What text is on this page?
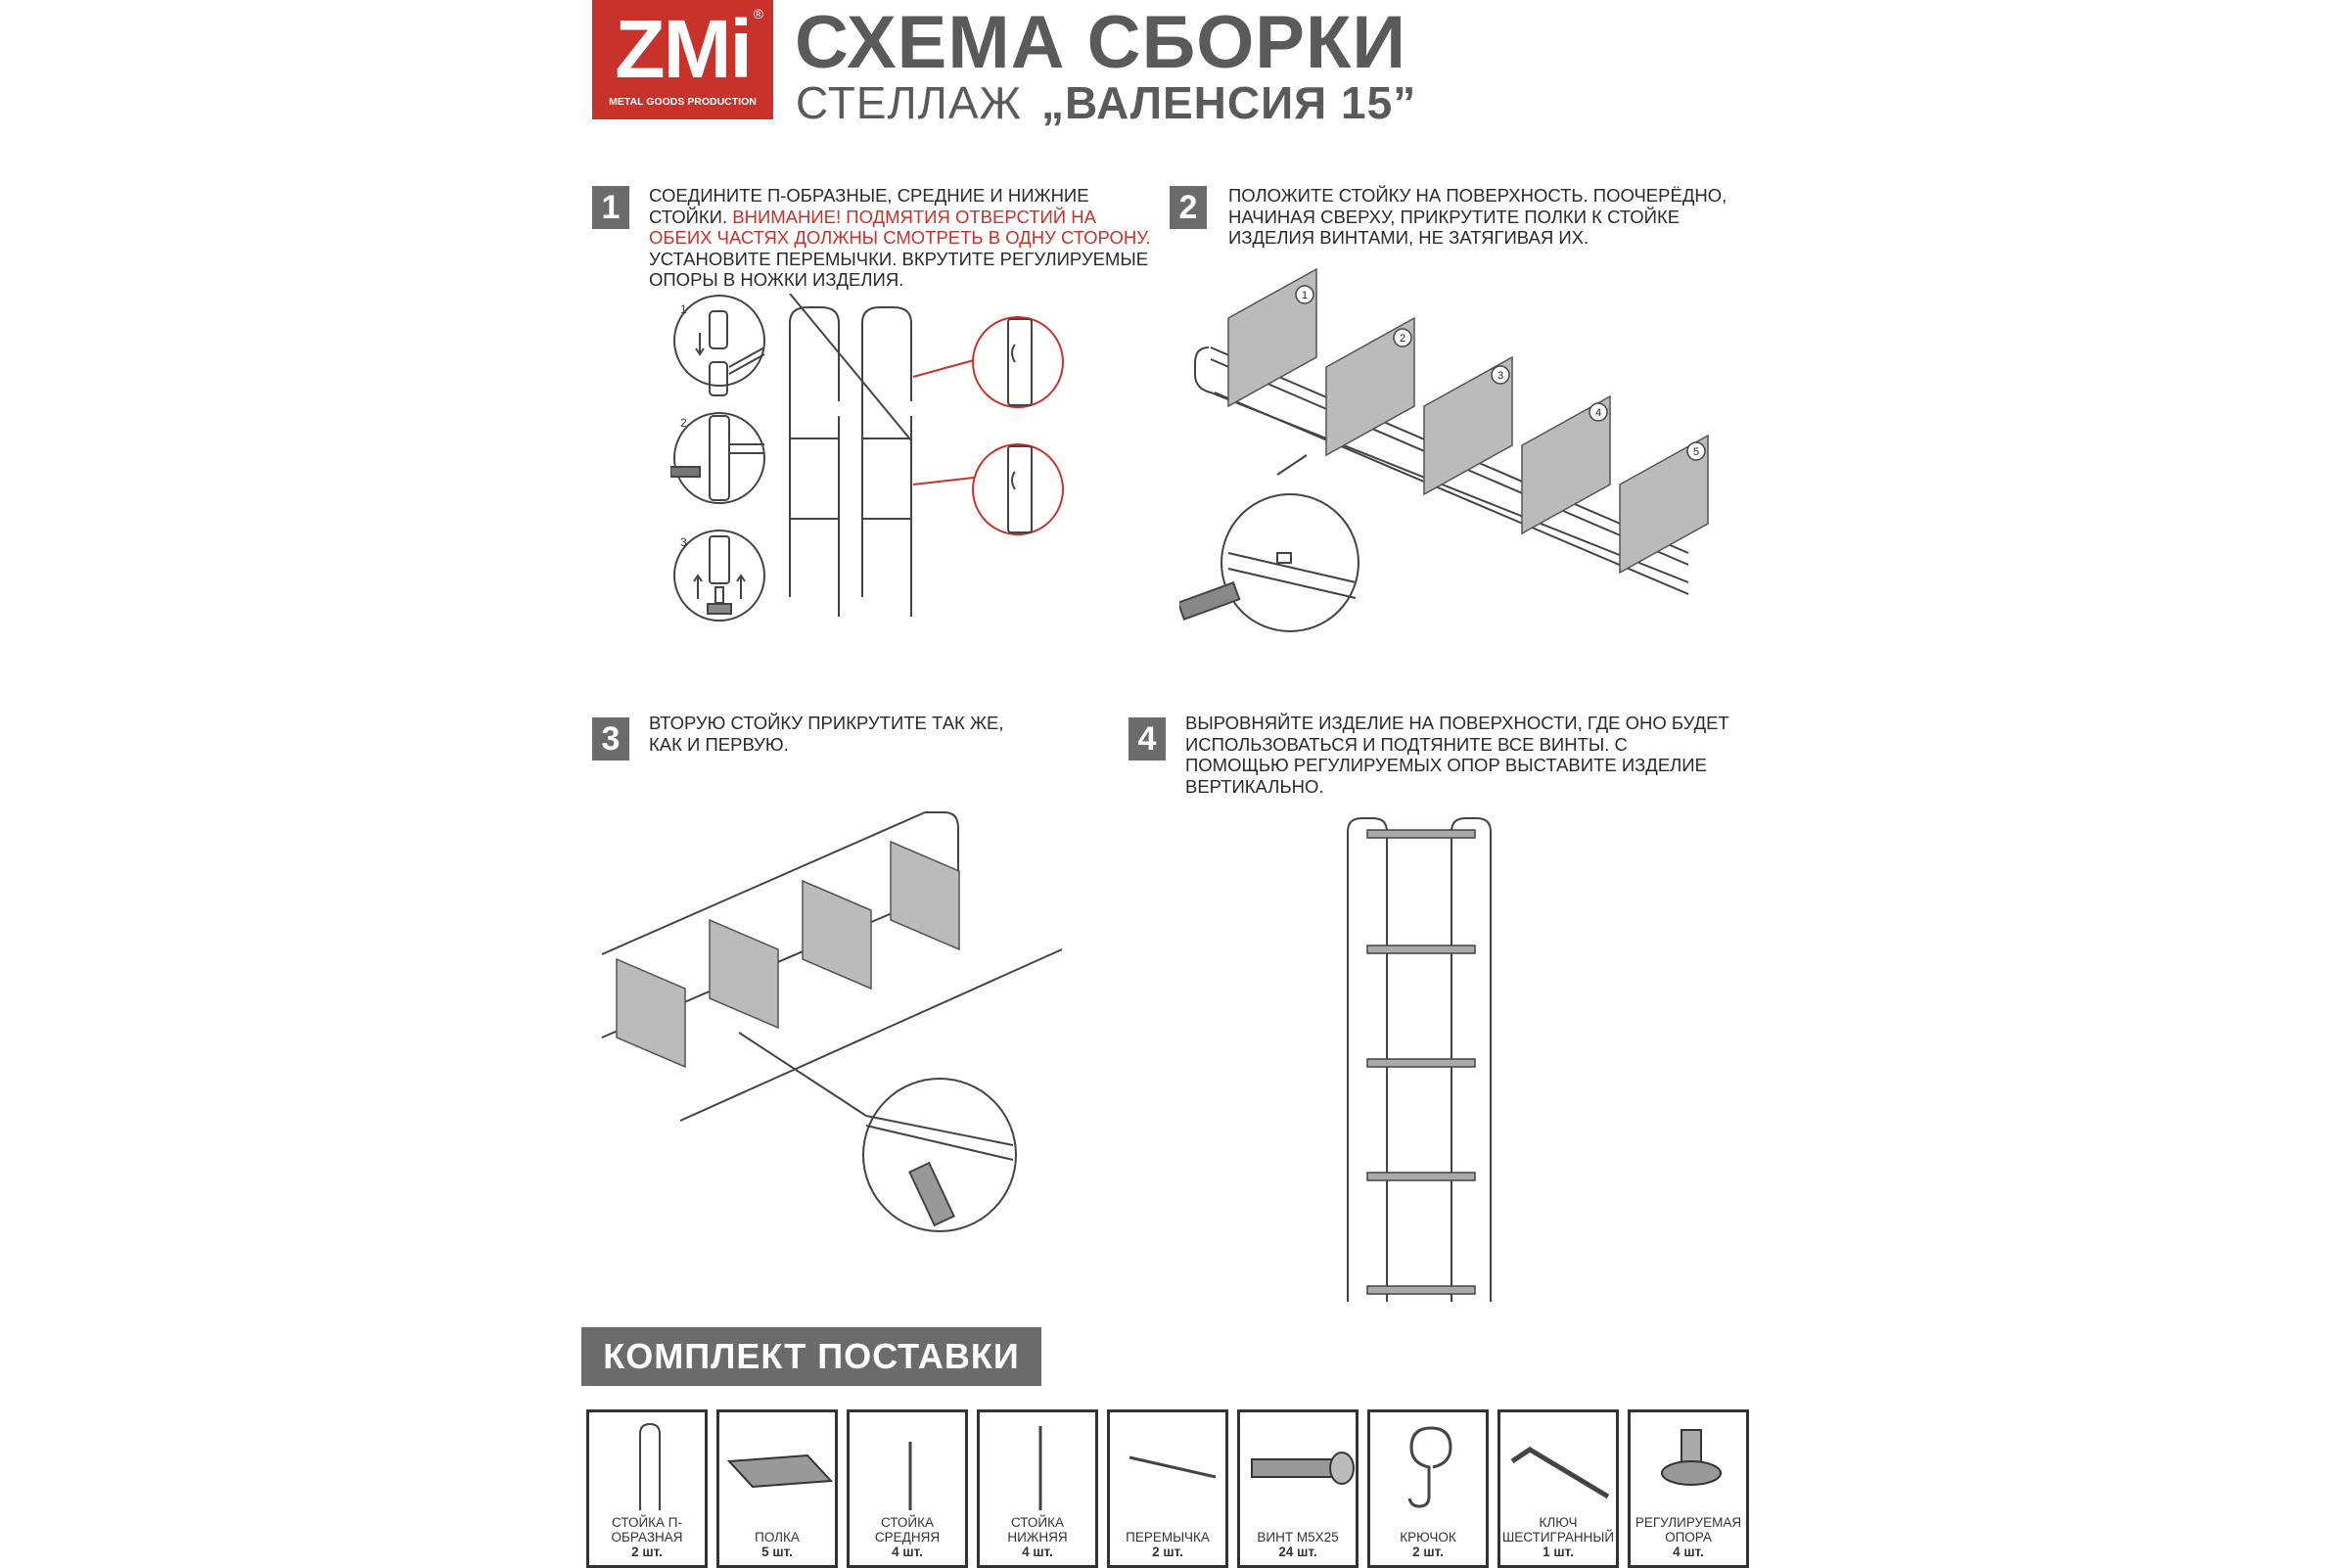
ZMi ®
METAL GOODS PRODUCTION
СХЕМА СБОРКИ
СТЕЛЛАЖ „ВАЛЕНСИЯ 15”
1	СОЕДИНИТЕ П-ОБРАЗНЫЕ, СРЕДНИЕ И НИЖНИЕ СТОЙКИ. ВНИМАНИЕ! ПОДМЯТИЯ ОТВЕРСТИЙ НА ОБЕИХ ЧАСТЯХ ДОЛЖНЫ СМОТРЕТЬ В ОДНУ СТОРОНУ. УСТАНОВИТЕ ПЕРЕМЫЧКИ. ВКРУТИТЕ РЕГУЛИРУЕМЫЕ ОПОРЫ В НОЖКИ ИЗДЕЛИЯ.
1
2
3
2	ПОЛОЖИТЕ СТОЙКУ НА ПОВЕРХНОСТЬ. ПООЧЕРЁДНО, НАЧИНАЯ СВЕРХУ, ПРИКРУТИТЕ ПОЛКИ К СТОЙКЕ ИЗДЕЛИЯ ВИНТАМИ, НЕ ЗАТЯГИВАЯ ИХ.
1
2
3
4
5
3	ВТОРУЮ СТОЙКУ ПРИКРУТИТЕ ТАК ЖЕ, КАК И ПЕРВУЮ.	4	ВЫРОВНЯЙТЕ ИЗДЕЛИЕ НА ПОВЕРХНОСТИ, ГДЕ ОНО БУДЕТ ИСПОЛЬЗОВАТЬСЯ И ПОДТЯНИТЕ ВСЕ ВИНТЫ. С ПОМОЩЬЮ РЕГУЛИРУЕМЫХ ОПОР ВЫСТАВИТЕ ИЗДЕЛИЕ ВЕРТИКАЛЬНО.
КОМПЛЕКТ ПОСТАВКИ
СТОЙКА П-ОБРАЗНАЯ
2 шт.
ПОЛКА
5 шт.
СТОЙКА СРЕДНЯЯ
4 шт.
СТОЙКА НИЖНЯЯ
4 шт.
ПЕРЕМЫЧКА
2 шт.
ВИНТ М5Х25
24 шт.
КРЮЧОК
2 шт.
КЛЮЧ ШЕСТИГРАННЫЙ
1 шт.
РЕГУЛИРУЕМАЯ ОПОРА
4 шт.
